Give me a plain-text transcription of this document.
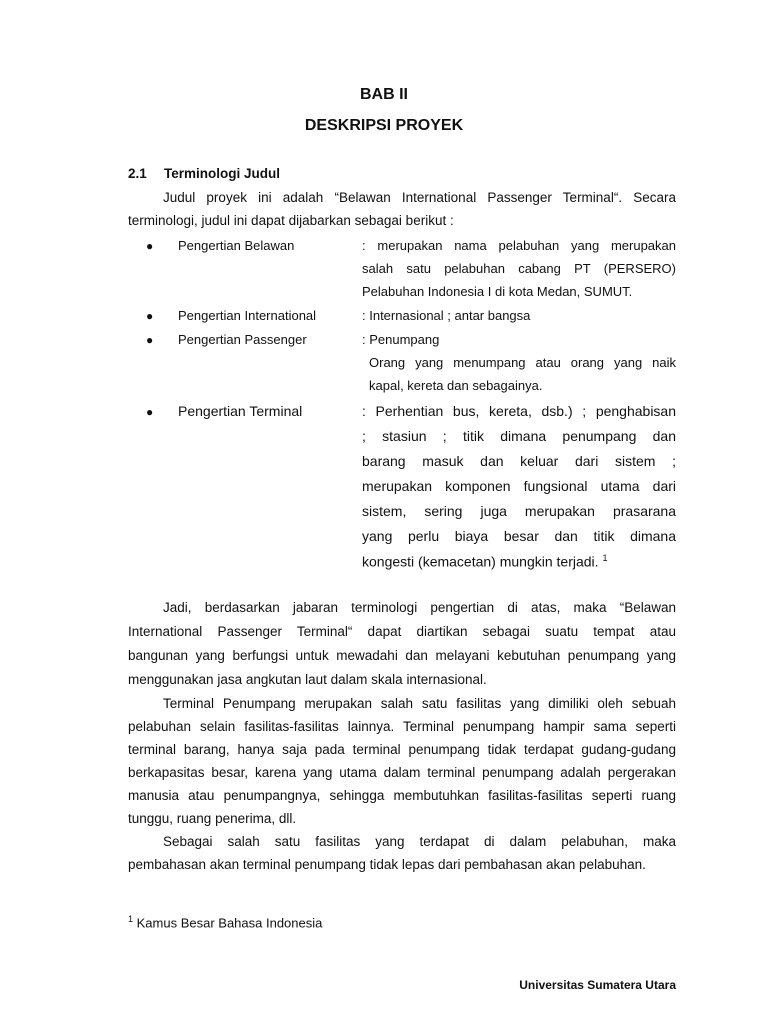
BAB II
DESKRIPSI PROYEK
2.1 Terminologi Judul
Judul proyek ini adalah “Belawan International Passenger Terminal“. Secara
terminologi, judul ini dapat dijabarkan sebagai berikut :
● Pengertian Belawan	: merupakan nama pelabuhan yang merupakan
salah satu pelabuhan cabang PT (PERSERO)
Pelabuhan Indonesia I di kota Medan, SUMUT.
● Pengertian International	: Internasional ; antar bangsa
● Pengertian Passenger	: Penumpang
Orang yang menumpang atau orang yang naik
kapal, kereta dan sebagainya.
● Pengertian Terminal	: Perhentian bus, kereta, dsb.) ; penghabisan
; stasiun ; titik dimana penumpang dan
barang masuk dan keluar dari sistem ;
merupakan komponen fungsional utama dari
sistem, sering juga merupakan prasarana
yang perlu biaya besar dan titik dimana
kongesti (kemacetan) mungkin terjadi. $^1$
Jadi, berdasarkan jabaran terminologi pengertian di atas, maka “Belawan
International Passenger Terminal“ dapat diartikan sebagai suatu tempat atau
bangunan yang berfungsi untuk mewadahi dan melayani kebutuhan penumpang yang
menggunakan jasa angkutan laut dalam skala internasional.
Terminal Penumpang merupakan salah satu fasilitas yang dimiliki oleh sebuah
pelabuhan selain fasilitas-fasilitas lainnya. Terminal penumpang hampir sama seperti
terminal barang, hanya saja pada terminal penumpang tidak terdapat gudang-gudang
berkapasitas besar, karena yang utama dalam terminal penumpang adalah pergerakan
manusia atau penumpangnya, sehingga membutuhkan fasilitas-fasilitas seperti ruang
tunggu, ruang penerima, dll.
Sebagai salah satu fasilitas yang terdapat di dalam pelabuhan, maka
pembahasan akan terminal penumpang tidak lepas dari pembahasan akan pelabuhan.
$^1$ Kamus Besar Bahasa Indonesia
Universitas Sumatera Utara
